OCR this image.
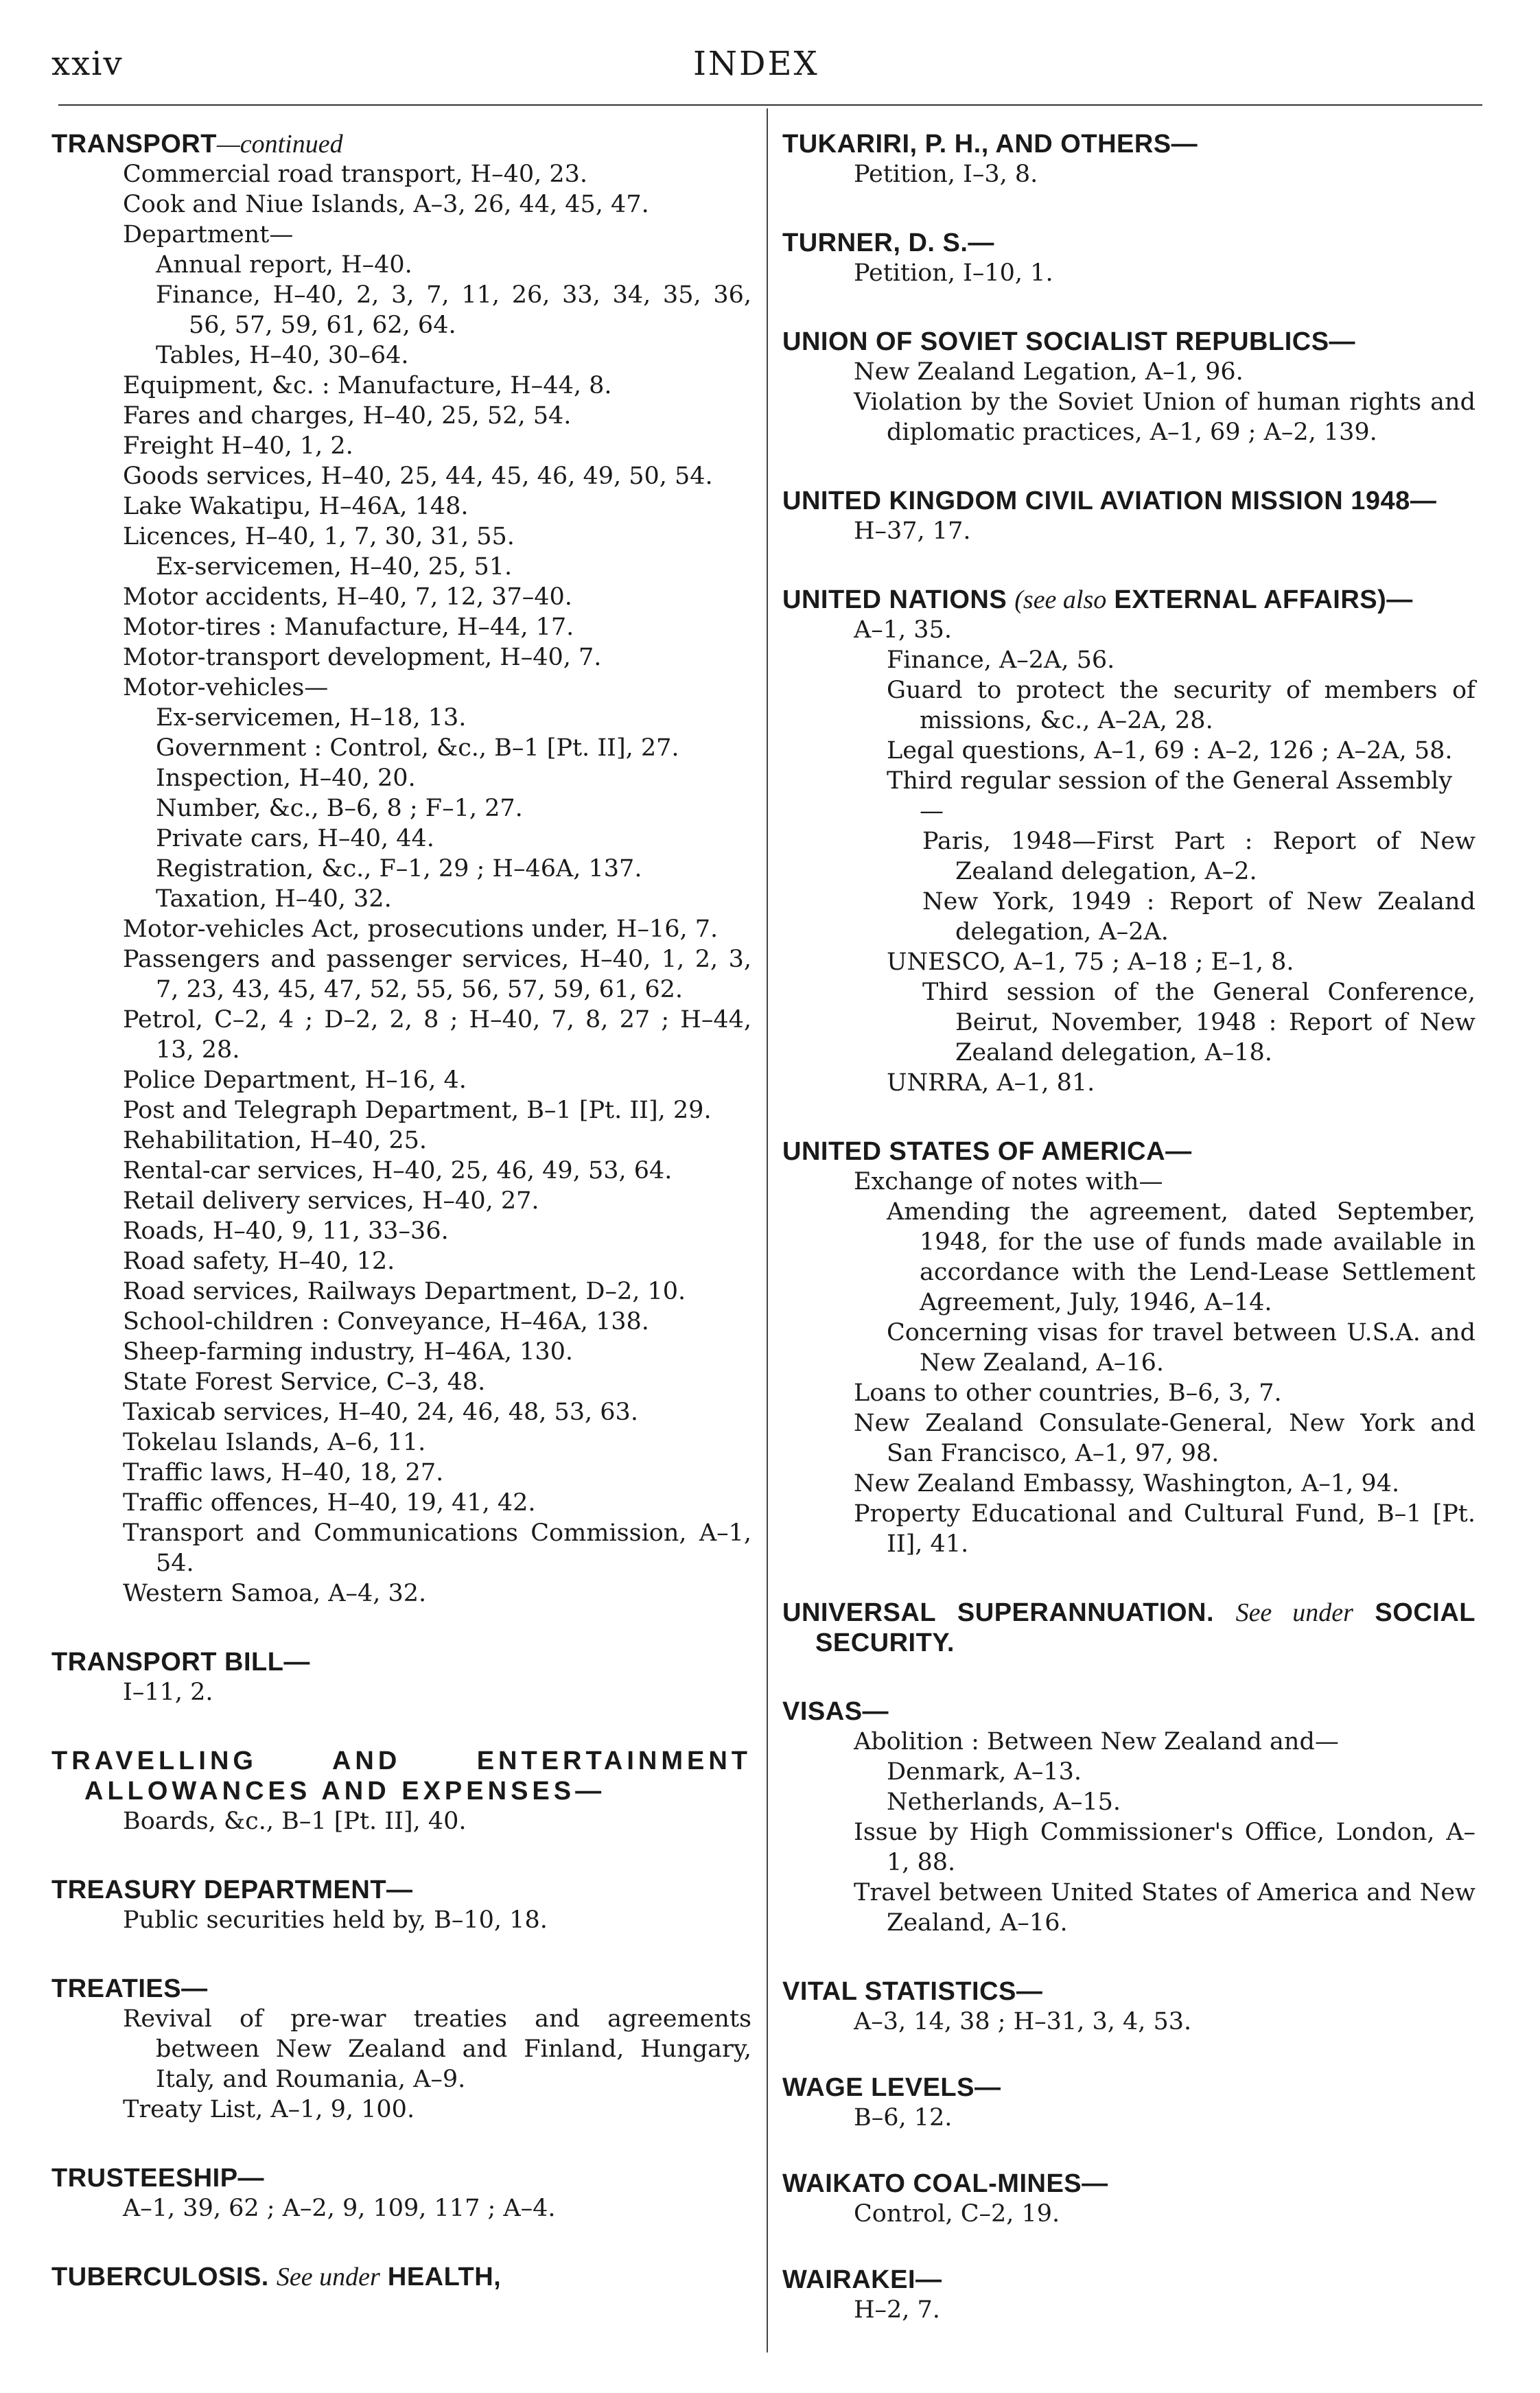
xxiv	INDEX
TRANSPORT—continued
Commercial road transport, H–40, 23.
Cook and Niue Islands, A–3, 26, 44, 45, 47.
Department—
Annual report, H–40.
Finance, H–40, 2, 3, 7, 11, 26, 33, 34, 35, 36, 56, 57, 59, 61, 62, 64.
Tables, H–40, 30–64.
Equipment, &c. : Manufacture, H–44, 8.
Fares and charges, H–40, 25, 52, 54.
Freight H–40, 1, 2.
Goods services, H–40, 25, 44, 45, 46, 49, 50, 54.
Lake Wakatipu, H–46A, 148.
Licences, H–40, 1, 7, 30, 31, 55.
Ex-servicemen, H–40, 25, 51.
Motor accidents, H–40, 7, 12, 37–40.
Motor-tires : Manufacture, H–44, 17.
Motor-transport development, H–40, 7.
Motor-vehicles—
Ex-servicemen, H–18, 13.
Government : Control, &c., B–1 [Pt. II], 27.
Inspection, H–40, 20.
Number, &c., B–6, 8 ; F–1, 27.
Private cars, H–40, 44.
Registration, &c., F–1, 29 ; H–46A, 137.
Taxation, H–40, 32.
Motor-vehicles Act, prosecutions under, H–16, 7.
Passengers and passenger services, H–40, 1, 2, 3, 7, 23, 43, 45, 47, 52, 55, 56, 57, 59, 61, 62.
Petrol, C–2, 4 ; D–2, 2, 8 ; H–40, 7, 8, 27 ; H–44, 13, 28.
Police Department, H–16, 4.
Post and Telegraph Department, B–1 [Pt. II], 29.
Rehabilitation, H–40, 25.
Rental-car services, H–40, 25, 46, 49, 53, 64.
Retail delivery services, H–40, 27.
Roads, H–40, 9, 11, 33–36.
Road safety, H–40, 12.
Road services, Railways Department, D–2, 10.
School-children : Conveyance, H–46A, 138.
Sheep-farming industry, H–46A, 130.
State Forest Service, C–3, 48.
Taxicab services, H–40, 24, 46, 48, 53, 63.
Tokelau Islands, A–6, 11.
Traffic laws, H–40, 18, 27.
Traffic offences, H–40, 19, 41, 42.
Transport and Communications Commission, A–1, 54.
Western Samoa, A–4, 32.
TRANSPORT BILL—
I–11, 2.
TRAVELLING AND ENTERTAINMENT ALLOWANCES AND EXPENSES—
Boards, &c., B–1 [Pt. II], 40.
TREASURY DEPARTMENT—
Public securities held by, B–10, 18.
TREATIES—
Revival of pre-war treaties and agreements between New Zealand and Finland, Hungary, Italy, and Roumania, A–9.
Treaty List, A–1, 9, 100.
TRUSTEESHIP—
A–1, 39, 62 ; A–2, 9, 109, 117 ; A–4.
TUBERCULOSIS. See under HEALTH,
TUKARIRI, P. H., AND OTHERS—
Petition, I–3, 8.
TURNER, D. S.—
Petition, I–10, 1.
UNION OF SOVIET SOCIALIST REPUBLICS—
New Zealand Legation, A–1, 96.
Violation by the Soviet Union of human rights and diplomatic practices, A–1, 69 ; A–2, 139.
UNITED KINGDOM CIVIL AVIATION MISSION 1948—
H–37, 17.
UNITED NATIONS (see also EXTERNAL AFFAIRS)—
A–1, 35.
Finance, A–2A, 56.
Guard to protect the security of members of missions, &c., A–2A, 28.
Legal questions, A–1, 69 : A–2, 126 ; A–2A, 58.
Third regular session of the General Assembly—
Paris, 1948—First Part : Report of New Zealand delegation, A–2.
New York, 1949 : Report of New Zealand delegation, A–2A.
UNESCO, A–1, 75 ; A–18 ; E–1, 8.
Third session of the General Conference, Beirut, November, 1948 : Report of New Zealand delegation, A–18.
UNRRA, A–1, 81.
UNITED STATES OF AMERICA—
Exchange of notes with—
Amending the agreement, dated September, 1948, for the use of funds made available in accordance with the Lend-Lease Settlement Agreement, July, 1946, A–14.
Concerning visas for travel between U.S.A. and New Zealand, A–16.
Loans to other countries, B–6, 3, 7.
New Zealand Consulate-General, New York and San Francisco, A–1, 97, 98.
New Zealand Embassy, Washington, A–1, 94.
Property Educational and Cultural Fund, B–1 [Pt. II], 41.
UNIVERSAL SUPERANNUATION. See under SOCIAL SECURITY.
VISAS—
Abolition : Between New Zealand and—
Denmark, A–13.
Netherlands, A–15.
Issue by High Commissioner's Office, London, A–1, 88.
Travel between United States of America and New Zealand, A–16.
VITAL STATISTICS—
A–3, 14, 38 ; H–31, 3, 4, 53.
WAGE LEVELS—
B–6, 12.
WAIKATO COAL-MINES—
Control, C–2, 19.
WAIRAKEI—
H–2, 7.
